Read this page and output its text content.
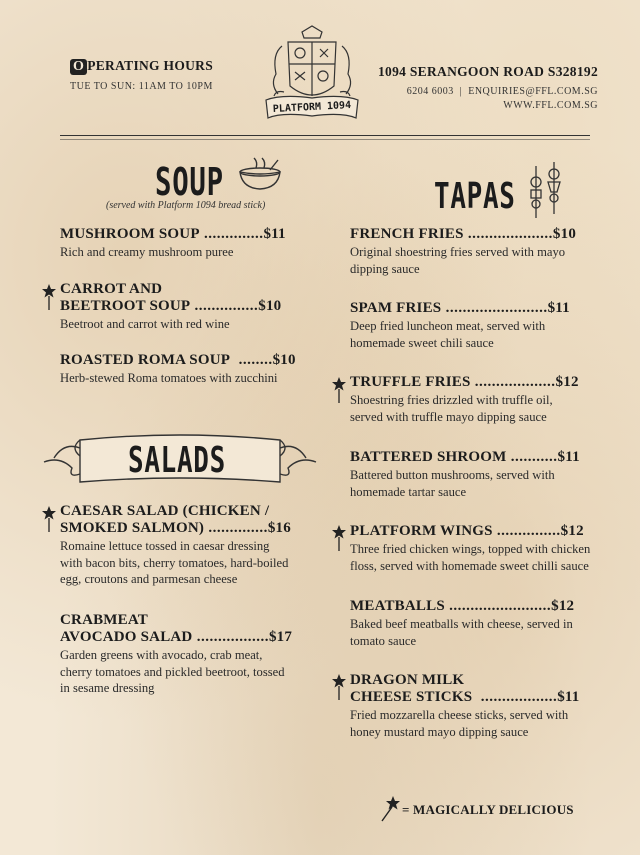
O PERATING HOURS
TUE TO SUN: 11AM TO 10PM
PLATFORM 1094
1094 SERANGOON ROAD S328192
6204 6003  |  ENQUIRIES@FFL.COM.SG
WWW.FFL.COM.SG
SOUP
(served with Platform 1094 bread stick)
MUSHROOM SOUP ..............$11
Rich and creamy mushroom puree
CARROT AND
BEETROOT SOUP ...............$10
Beetroot and carrot with red wine
ROASTED ROMA SOUP  ........$10
Herb-stewed Roma tomatoes with zucchini
SALADS
CAESAR SALAD (CHICKEN /
SMOKED SALMON) ..............$16
Romaine lettuce tossed in caesar dressing
with bacon bits, cherry tomatoes, hard-boiled
egg, croutons and parmesan cheese
CRABMEAT
AVOCADO SALAD .................$17
Garden greens with avocado, crab meat,
cherry tomatoes and pickled beetroot, tossed
in sesame dressing
TAPAS
FRENCH FRIES ....................$10
Original shoestring fries served with mayo
dipping sauce
SPAM FRIES ........................$11
Deep fried luncheon meat, served with
homemade sweet chili sauce
TRUFFLE FRIES ...................$12
Shoestring fries drizzled with truffle oil,
served with truffle mayo dipping sauce
BATTERED SHROOM ...........$11
Battered button mushrooms, served with
homemade tartar sauce
PLATFORM WINGS ...............$12
Three fried chicken wings, topped with chicken
floss, served with homemade sweet chilli sauce
MEATBALLS ........................$12
Baked beef meatballs with cheese, served in
tomato sauce
DRAGON MILK
CHEESE STICKS  ..................$11
Fried mozzarella cheese sticks, served with
honey mustard mayo dipping sauce
= MAGICALLY DELICIOUS
